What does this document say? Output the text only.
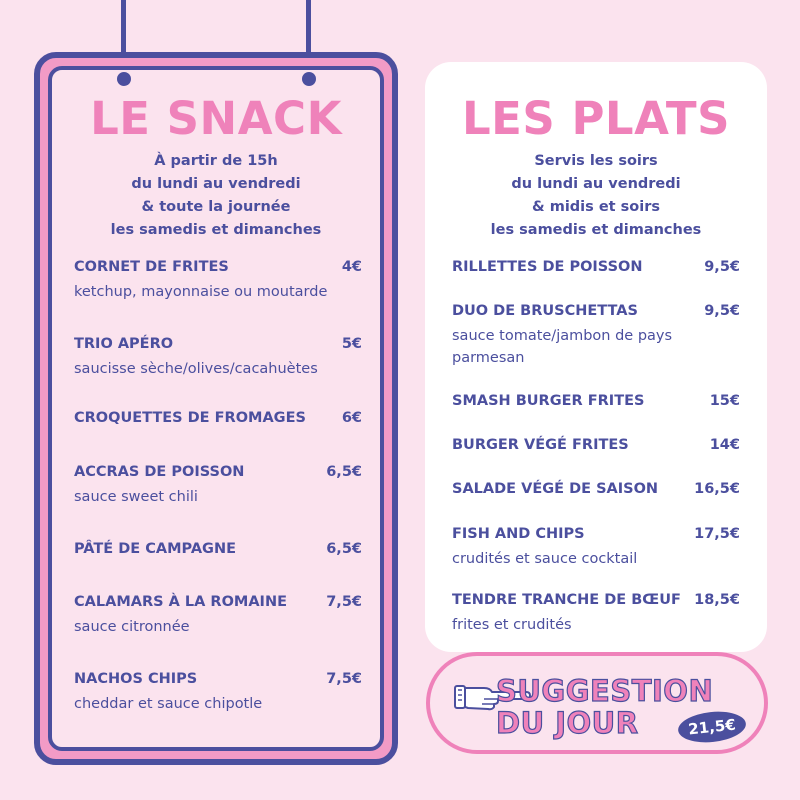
LE SNACK
À partir de 15h
du lundi au vendredi
& toute la journée
les samedis et dimanches
CORNET DE FRITES	4€
ketchup, mayonnaise ou moutarde
TRIO APÉRO	5€
saucisse sèche/olives/cacahuètes
CROQUETTES DE FROMAGES 6€
ACCRAS DE POISSON	6,5€
sauce sweet chili
PÂTÉ DE CAMPAGNE	6,5€
CALAMARS À LA ROMAINE	7,5€
sauce citronnée
NACHOS CHIPS	7,5€
cheddar et sauce chipotle
LES PLATS
Servis les soirs
du lundi au vendredi
& midis et soirs
les samedis et dimanches
RILLETTES DE POISSON	9,5€
DUO DE BRUSCHETTAS	9,5€
sauce tomate/jambon de pays
parmesan
SMASH BURGER FRITES	15€
BURGER VÉGÉ FRITES	14€
SALADE VÉGÉ DE SAISON 16,5€
FISH AND CHIPS	17,5€
crudités et sauce cocktail
TENDRE TRANCHE DE BŒUF 18,5€
frites et crudités
SUGGESTION
DU JOUR	21,5€
